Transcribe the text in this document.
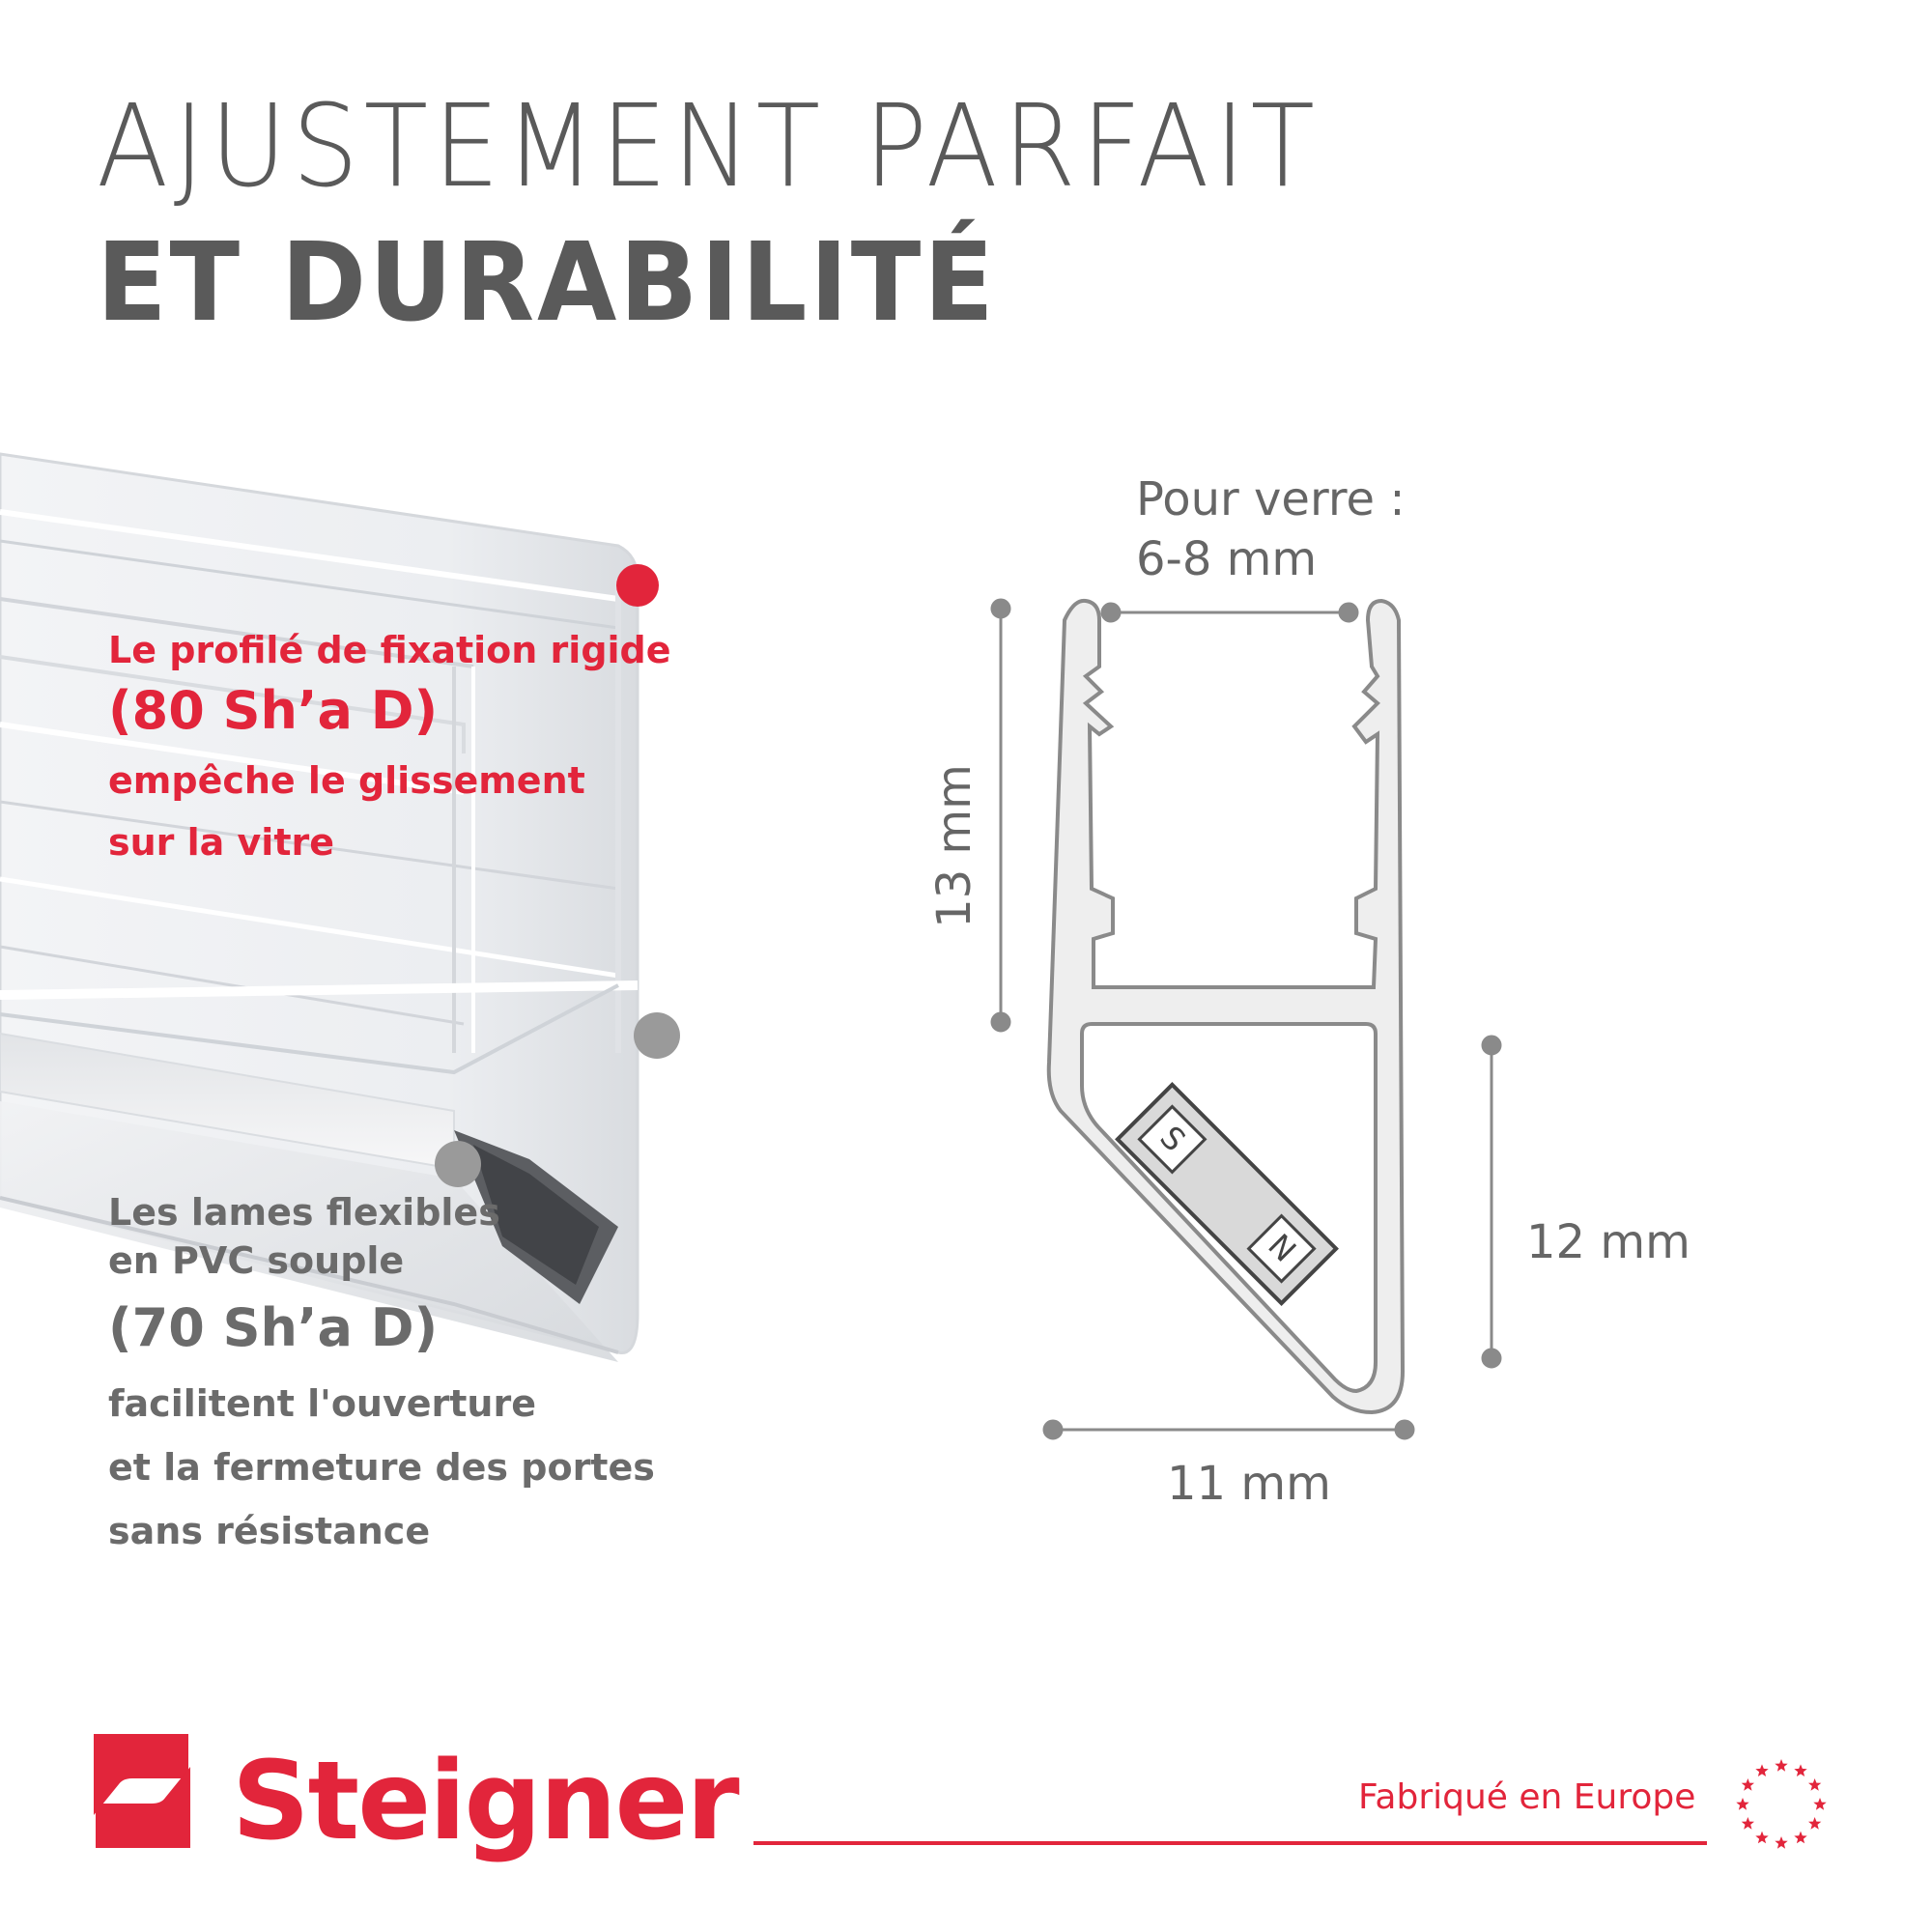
AJUSTEMENT PARFAIT
ET DURABILITÉ
Le profilé de fixation rigide
(80 Sh’a D)
empêche le glissement
sur la vitre
Les lames flexibles
en PVC souple
(70 Sh’a D)
facilitent l'ouverture
et la fermeture des portes
sans résistance
S
N
Pour verre :
6-8 mm
13 mm
12 mm
11 mm
Steigner	Fabriqué en Europe
